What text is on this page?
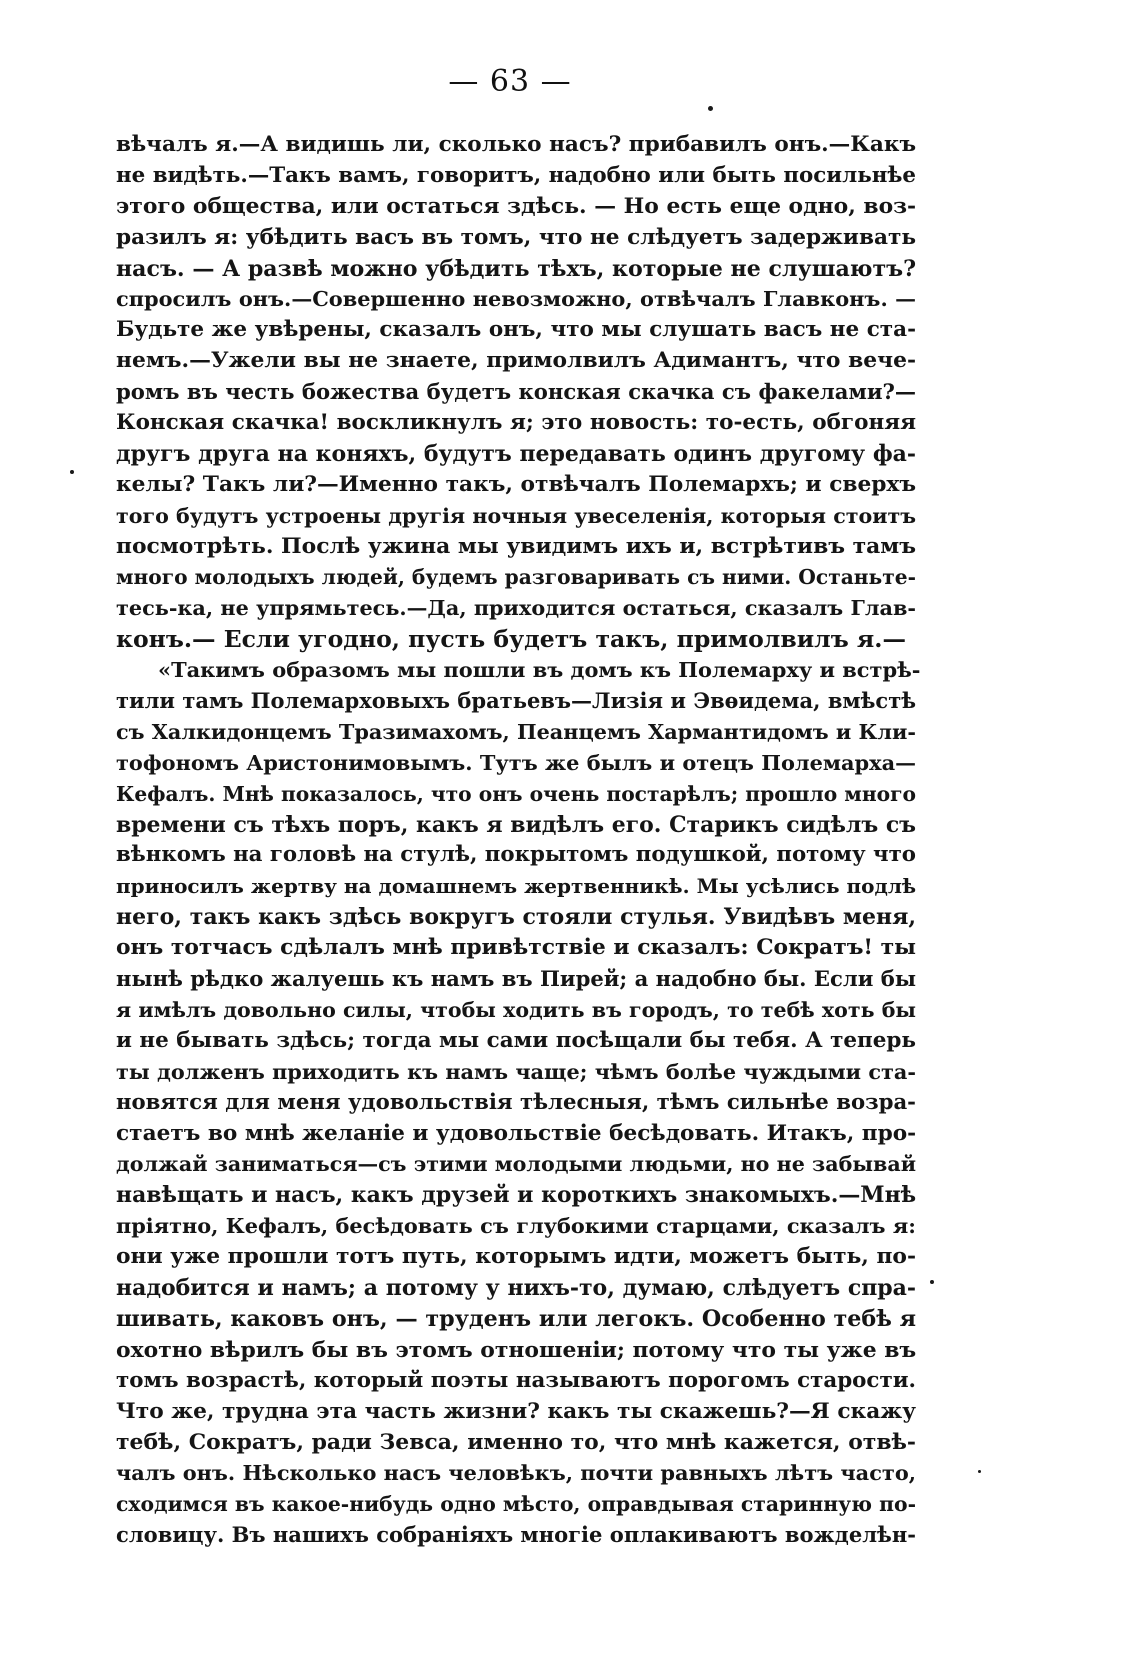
— 63 —
вѣчалъ я.—А видишь ли, сколько насъ? прибавилъ онъ.—Какъ
не видѣть.—Такъ вамъ, говоритъ, надобно или быть посильнѣе
этого общества, или остаться здѣсь. — Но есть еще одно, воз-
разилъ я: убѣдить васъ въ томъ, что не слѣдуетъ задерживать
насъ. — А развѣ можно убѣдить тѣхъ, которые не слушаютъ?
спросилъ онъ.—Совершенно невозможно, отвѣчалъ Главконъ. —
Будьте же увѣрены, сказалъ онъ, что мы слушать васъ не ста-
немъ.—Ужели вы не знаете, примолвилъ Адимантъ, что вече-
ромъ въ честь божества будетъ конская скачка съ факелами?—
Конская скачка! воскликнулъ я; это новость: то-есть, обгоняя
другъ друга на коняхъ, будутъ передавать одинъ другому фа-
келы? Такъ ли?—Именно такъ, отвѣчалъ Полемархъ; и сверхъ
того будутъ устроены другія ночныя увеселенія, которыя стоитъ
посмотрѣть. Послѣ ужина мы увидимъ ихъ и, встрѣтивъ тамъ
много молодыхъ людей, будемъ разговаривать съ ними. Останьте-
тесь-ка, не упрямьтесь.—Да, приходится остаться, сказалъ Глав-
конъ.— Если угодно, пусть будетъ такъ, примолвилъ я.—
«Такимъ образомъ мы пошли въ домъ къ Полемарху и встрѣ-
тили тамъ Полемарховыхъ братьевъ—Лизія и Эвѳидема, вмѣстѣ
съ Халкидонцемъ Тразимахомъ, Пеанцемъ Хармантидомъ и Кли-
тофономъ Аристонимовымъ. Тутъ же былъ и отецъ Полемарха—
Кефалъ. Мнѣ показалось, что онъ очень постарѣлъ; прошло много
времени съ тѣхъ поръ, какъ я видѣлъ его. Старикъ сидѣлъ съ
вѣнкомъ на головѣ на стулѣ, покрытомъ подушкой, потому что
приносилъ жертву на домашнемъ жертвенникѣ. Мы усѣлись подлѣ
него, такъ какъ здѣсь вокругъ стояли стулья. Увидѣвъ меня,
онъ тотчасъ сдѣлалъ мнѣ привѣтствіе и сказалъ: Сократъ! ты
нынѣ рѣдко жалуешь къ намъ въ Пирей; а надобно бы. Если бы
я имѣлъ довольно силы, чтобы ходить въ городъ, то тебѣ хоть бы
и не бывать здѣсь; тогда мы сами посѣщали бы тебя. А теперь
ты долженъ приходить къ намъ чаще; чѣмъ болѣе чуждыми ста-
новятся для меня удовольствія тѣлесныя, тѣмъ сильнѣе возра-
стаетъ во мнѣ желаніе и удовольствіе бесѣдовать. Итакъ, про-
должай заниматься—съ этими молодыми людьми, но не забывай
навѣщать и насъ, какъ друзей и короткихъ знакомыхъ.—Мнѣ
пріятно, Кефалъ, бесѣдовать съ глубокими старцами, сказалъ я:
они уже прошли тотъ путь, которымъ идти, можетъ быть, по-
надобится и намъ; а потому у нихъ-то, думаю, слѣдуетъ спра-
шивать, каковъ онъ, — труденъ или легокъ. Особенно тебѣ я
охотно вѣрилъ бы въ этомъ отношеніи; потому что ты уже въ
томъ возрастѣ, который поэты называютъ порогомъ старости.
Что же, трудна эта часть жизни? какъ ты скажешь?—Я скажу
тебѣ, Сократъ, ради Зевса, именно то, что мнѣ кажется, отвѣ-
чалъ онъ. Нѣсколько насъ человѣкъ, почти равныхъ лѣтъ часто,
сходимся въ какое-нибудь одно мѣсто, оправдывая старинную по-
словицу. Въ нашихъ собраніяхъ многіе оплакиваютъ вожделѣн-
